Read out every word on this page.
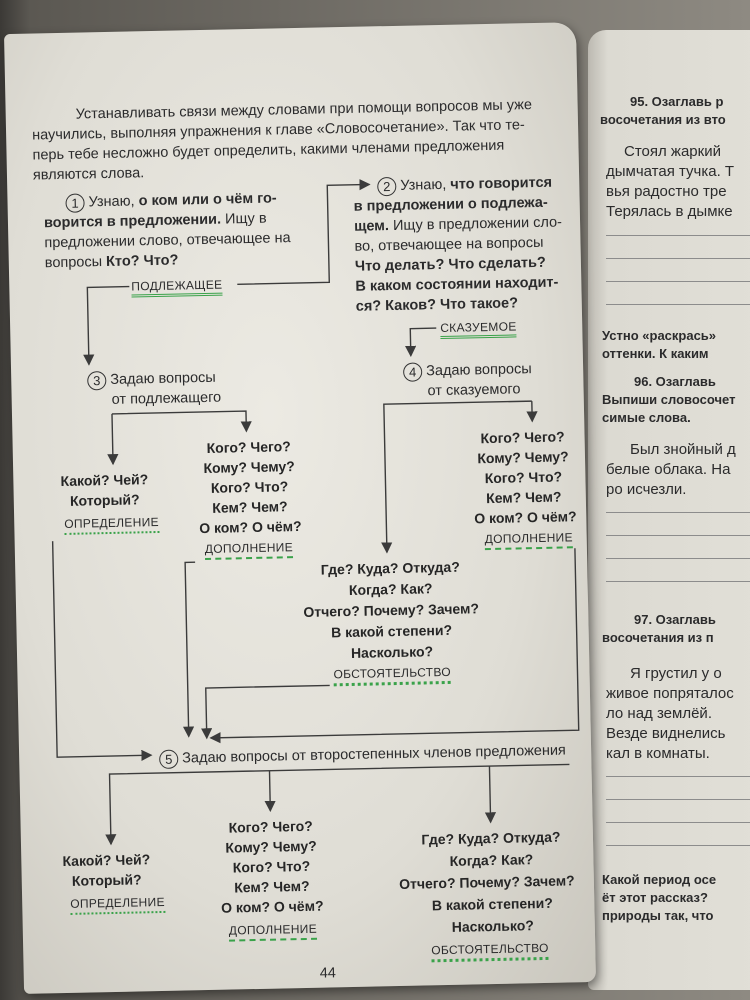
95. Озаглавь р
восочетания из вто
Стоял жаркий
дымчатая тучка. Т
вья радостно тре
Терялась в дымке
Устно «раскрась»
оттенки. К каким
96. Озаглавь
Выпиши словосочет
симые слова.
Был знойный д
белые облака. На
ро исчезли.
97. Озаглавь
восочетания из п
Я грустил у о
живое попряталос
ло над землёй.
Везде виднелись
кал в комнаты.
Какой период осе
ёт этот рассказ?
природы так, что
Устанавливать связи между словами при помощи вопросов мы уже
научились, выполняя упражнения к главе «Словосочетание». Так что те-
перь тебе несложно будет определить, какими членами предложения
являются слова.
1 Узнаю, о ком или о чём го-
ворится в предложении. Ищу в
предложении слово, отвечающее на
вопросы Кто? Что?
ПОДЛЕЖАЩЕЕ
2 Узнаю, что говорится
в предложении о подлежа-
щем. Ищу в предложении сло-
во, отвечающее на вопросы
Что делать? Что сделать?
В каком состоянии находит-
ся? Каков? Что такое?
СКАЗУЕМОЕ
3 Задаю вопросы
от подлежащего
4 Задаю вопросы
от сказуемого
Какой? Чей?
Который?
ОПРЕДЕЛЕНИЕ
Кого? Чего?
Кому? Чему?
Кого? Что?
Кем? Чем?
О ком? О чём?
ДОПОЛНЕНИЕ
Кого? Чего?
Кому? Чему?
Кого? Что?
Кем? Чем?
О ком? О чём?
ДОПОЛНЕНИЕ
Где? Куда? Откуда?
Когда? Как?
Отчего? Почему? Зачем?
В какой степени?
Насколько?
ОБСТОЯТЕЛЬСТВО
5 Задаю вопросы от второстепенных членов предложения
Какой? Чей?
Который?
ОПРЕДЕЛЕНИЕ
Кого? Чего?
Кому? Чему?
Кого? Что?
Кем? Чем?
О ком? О чём?
ДОПОЛНЕНИЕ
Где? Куда? Откуда?
Когда? Как?
Отчего? Почему? Зачем?
В какой степени?
Насколько?
ОБСТОЯТЕЛЬСТВО
44
